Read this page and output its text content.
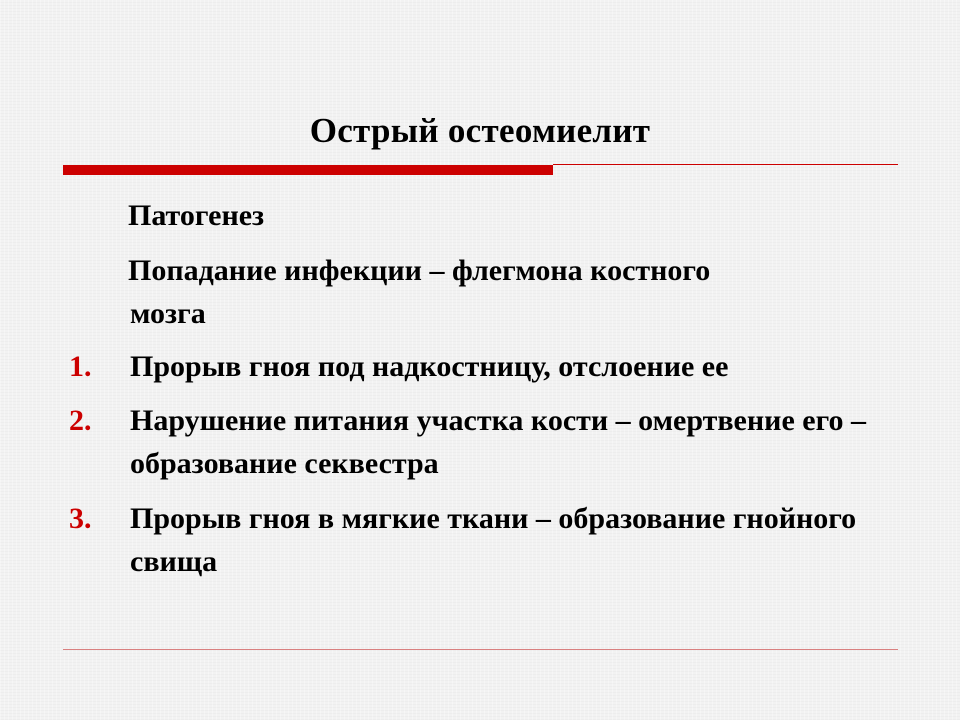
Острый остеомиелит
Патогенез
Попадание инфекции – флегмона костного
мозга
1. Прорыв гноя под надкостницу, отслоение ее
2. Нарушение питания участка кости – омертвение его – образование секвестра
3. Прорыв гноя в мягкие ткани – образование гнойного свища
